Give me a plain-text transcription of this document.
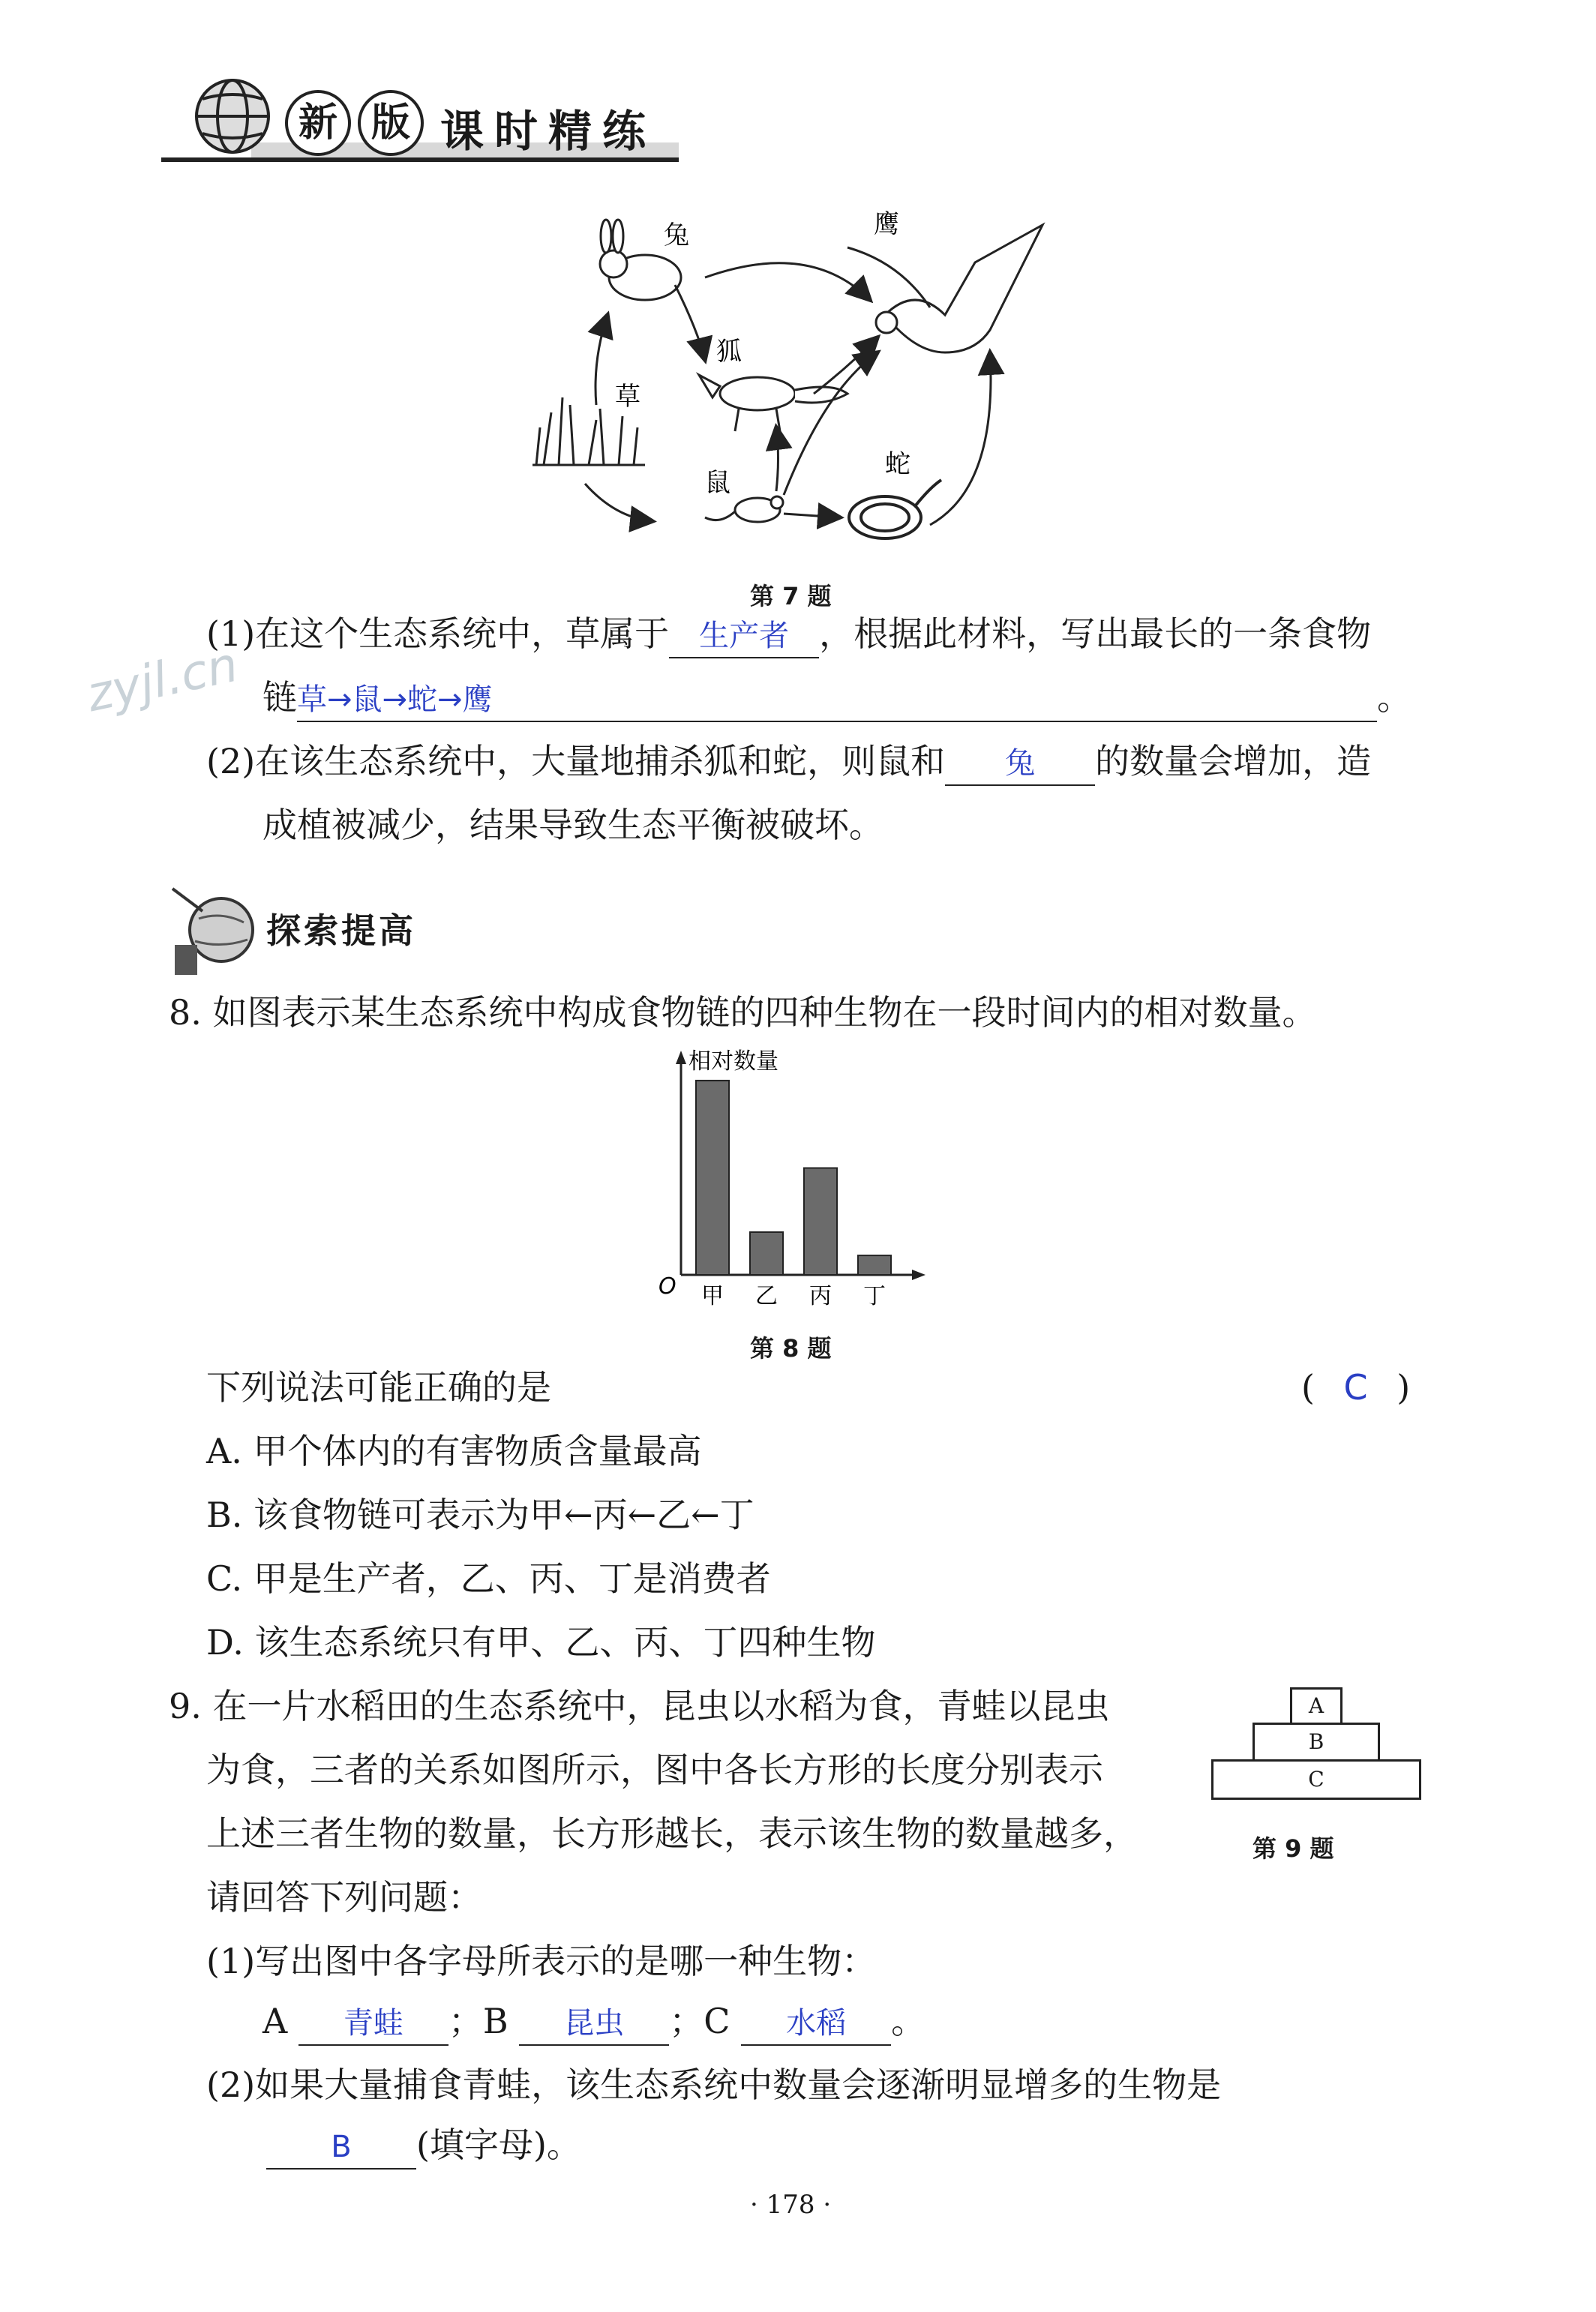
新 版 课时精练
兔	鹰
狐
草
鼠
蛇
第 7 题
(1)在这个生态系统中，草属于 生产者 ，根据此材料，写出最长的一条食物
链草→鼠→蛇→鹰	。
zyjl.cn
(2)在该生态系统中，大量地捕杀狐和蛇，则鼠和 兔 的数量会增加，造
成植被减少，结果导致生态平衡被破坏。
探索提高
8. 如图表示某生态系统中构成食物链的四种生物在一段时间内的相对数量。
相对数量
O 甲 乙 丙 丁
第 8 题
下列说法可能正确的是	( C )
A. 甲个体内的有害物质含量最高
B. 该食物链可表示为甲←丙←乙←丁
C. 甲是生产者，乙、丙、丁是消费者
D. 该生态系统只有甲、乙、丙、丁四种生物
9. 在一片水稻田的生态系统中，昆虫以水稻为食，青蛙以昆虫
为食，三者的关系如图所示，图中各长方形的长度分别表示
上述三者生物的数量，长方形越长，表示该生物的数量越多，
请回答下列问题：
A
B
C
第 9 题
(1)写出图中各字母所表示的是哪一种生物：
A 青蛙 ；B 昆虫 ；C 水稻 。
(2)如果大量捕食青蛙，该生态系统中数量会逐渐明显增多的生物是
B (填字母)。
· 178 ·
